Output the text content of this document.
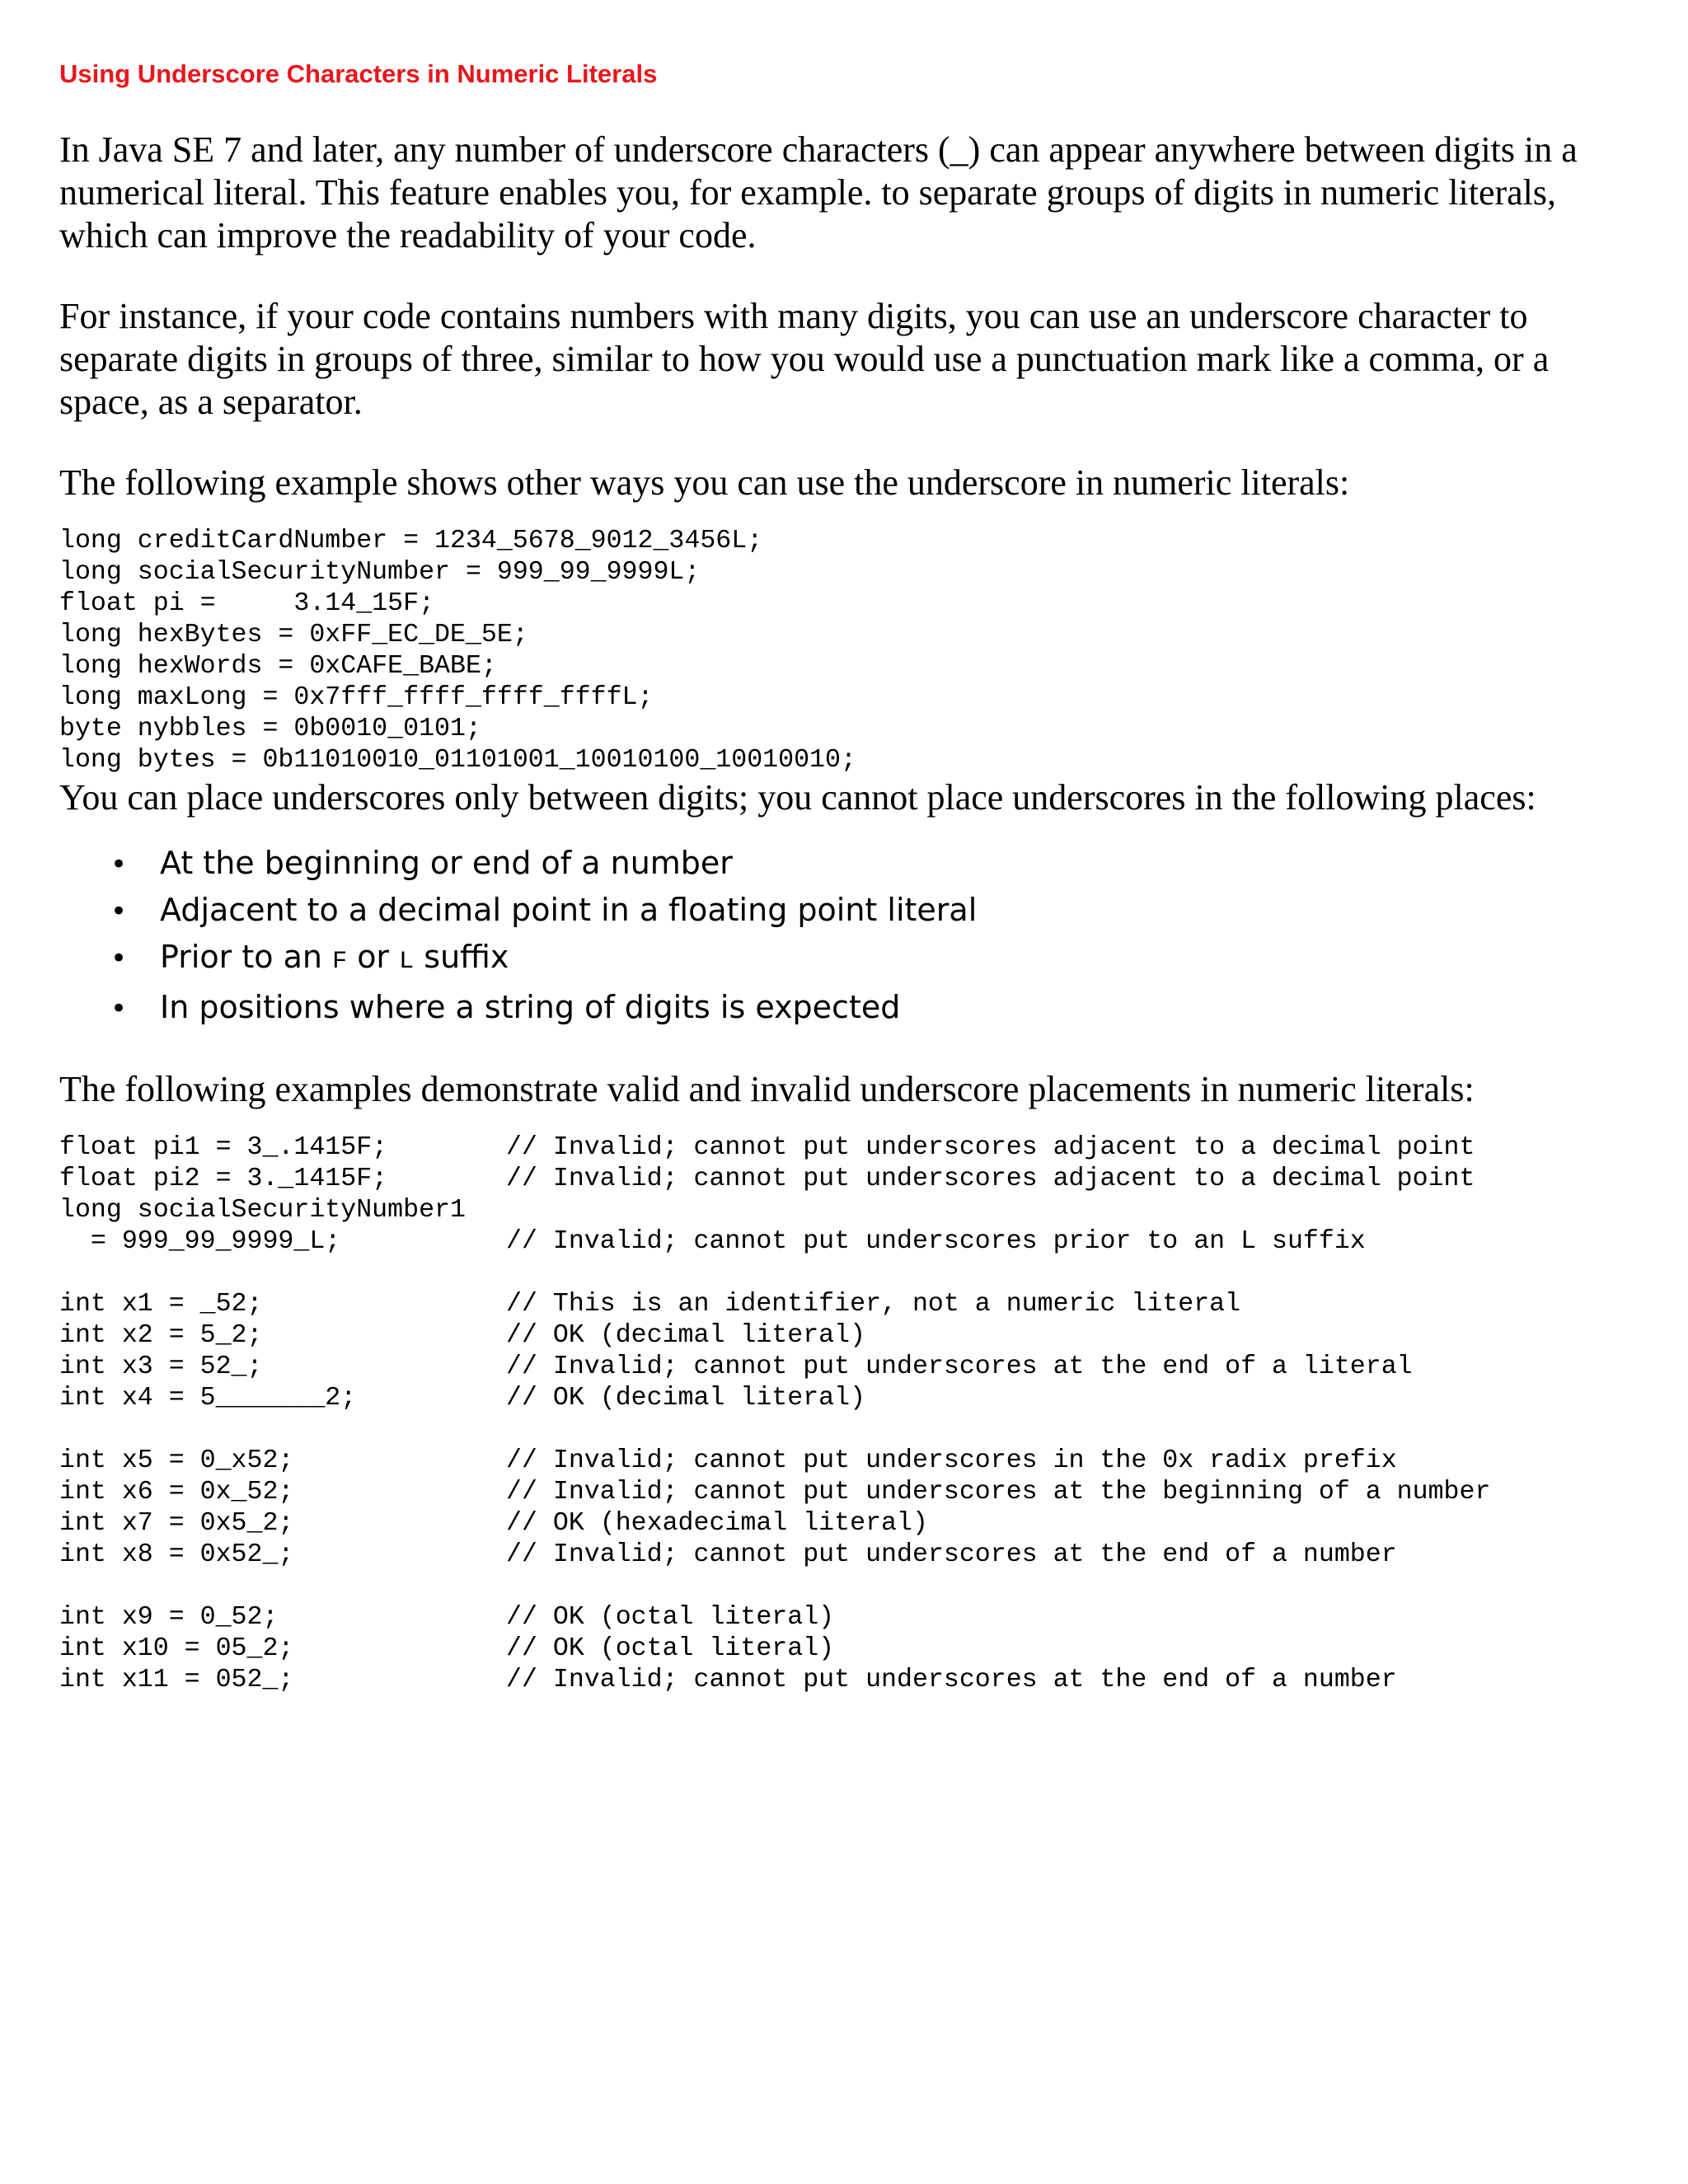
Using Underscore Characters in Numeric Literals

In Java SE 7 and later, any number of underscore characters (_) can appear anywhere between digits in a numerical literal. This feature enables you, for example. to separate groups of digits in numeric literals, which can improve the readability of your code.

For instance, if your code contains numbers with many digits, you can use an underscore character to separate digits in groups of three, similar to how you would use a punctuation mark like a comma, or a space, as a separator.

The following example shows other ways you can use the underscore in numeric literals:

long creditCardNumber = 1234_5678_9012_3456L;
long socialSecurityNumber = 999_99_9999L;
float pi =     3.14_15F;
long hexBytes = 0xFF_EC_DE_5E;
long hexWords = 0xCAFE_BABE;
long maxLong = 0x7fff_ffff_ffff_ffffL;
byte nybbles = 0b0010_0101;
long bytes = 0b11010010_01101001_10010100_10010010;

You can place underscores only between digits; you cannot place underscores in the following places:

•	At the beginning or end of a number
•	Adjacent to a decimal point in a floating point literal
•	Prior to an F or L suffix
•	In positions where a string of digits is expected

The following examples demonstrate valid and invalid underscore placements in numeric literals:

float pi1 = 3_.1415F;	// Invalid; cannot put underscores adjacent to a decimal point
float pi2 = 3._1415F;	// Invalid; cannot put underscores adjacent to a decimal point
long socialSecurityNumber1	
= 999_99_9999_L;	// Invalid; cannot put underscores prior to an L suffix

int x1 = _52;	// This is an identifier, not a numeric literal
int x2 = 5_2;	// OK (decimal literal)
int x3 = 52_;	// Invalid; cannot put underscores at the end of a literal
int x4 = 5_______2;	// OK (decimal literal)

int x5 = 0_x52;	// Invalid; cannot put underscores in the 0x radix prefix
int x6 = 0x_52;	// Invalid; cannot put underscores at the beginning of a number
int x7 = 0x5_2;	// OK (hexadecimal literal)
int x8 = 0x52_;	// Invalid; cannot put underscores at the end of a number

int x9 = 0_52;	// OK (octal literal)
int x10 = 05_2;	// OK (octal literal)
int x11 = 052_;	// Invalid; cannot put underscores at the end of a number
